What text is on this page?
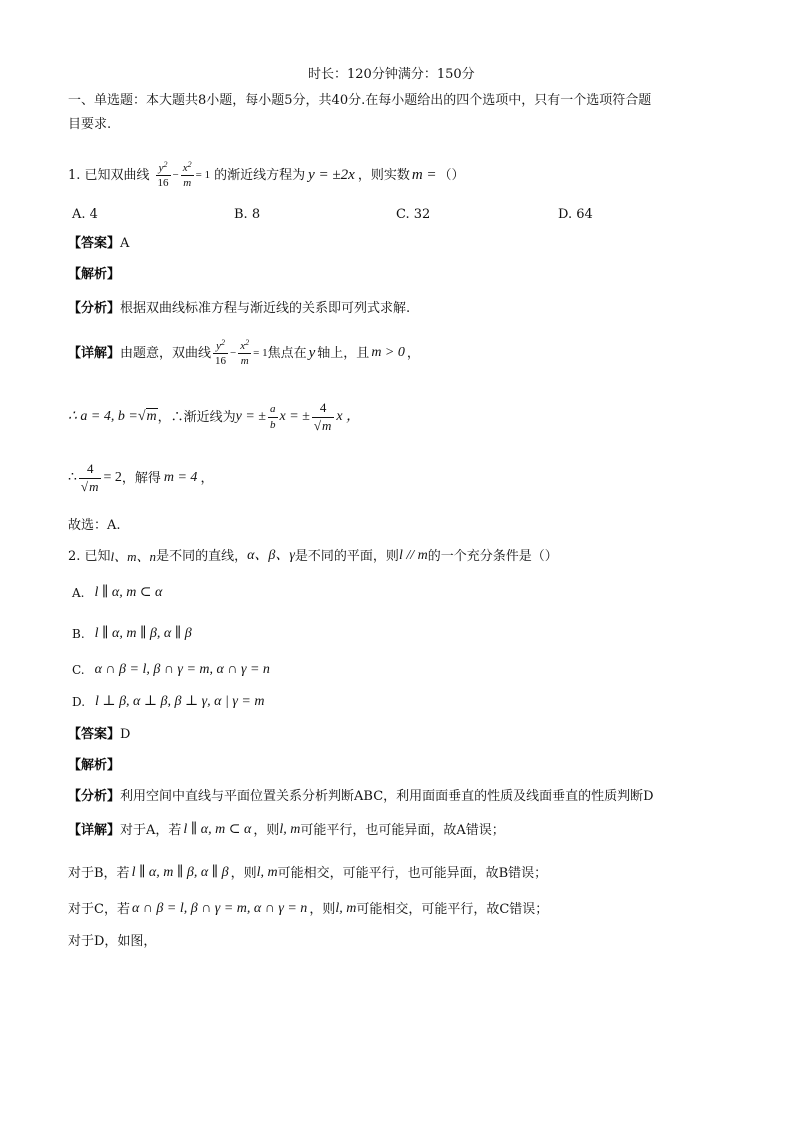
时长：120分钟满分：150分
一、单选题：本大题共8小题，每小题5分，共40分.在每小题给出的四个选项中，只有一个选项符合题
目要求.
1. 已知双曲线 $\frac{y^2}{16} - \frac{x^2}{m} = 1$ 的渐近线方程为 y = ±2x ，则实数 m = （）
A. 4	B. 8	C. 32	D. 64
【答案】A
【解析】
【分析】根据双曲线标准方程与渐近线的关系即可列式求解.
【详解】 由题意，双曲线 $\frac{y^2}{16} - \frac{x^2}{m} = 1$ 焦点在 y 轴上，且 m > 0 ，
∴ a = 4, b = √m ，∴渐近线为 y = ± $\frac{a}{b}$ x = ± $\frac{4}{√m}$ x ，
∴ $\frac{4}{√m} = 2$ ，解得 m = 4 ，
故选：A.
2. 已知 l、m、n 是不同的直线， α、β、γ 是不同的平面，则 l // m 的一个充分条件是（）
A. l ∥ α, m ⊂ α
B. l ∥ α, m ∥ β, α ∥ β
C. α ∩ β = l, β ∩ γ = m, α ∩ γ = n
D. l ⊥ β, α ⊥ β, β ⊥ γ, α | γ = m
【答案】D
【解析】
【分析】利用空间中直线与平面位置关系分析判断ABC，利用面面垂直的性质及线面垂直的性质判断D
【详解】 对于A，若 l ∥ α, m ⊂ α ，则 l, m 可能平行，也可能异面，故A错误；
对于B，若 l ∥ α, m ∥ β, α ∥ β ，则 l, m 可能相交，可能平行，也可能异面，故B错误；
对于C，若 α ∩ β = l, β ∩ γ = m, α ∩ γ = n ，则 l, m 可能相交，可能平行，故C错误；
对于D，如图，
